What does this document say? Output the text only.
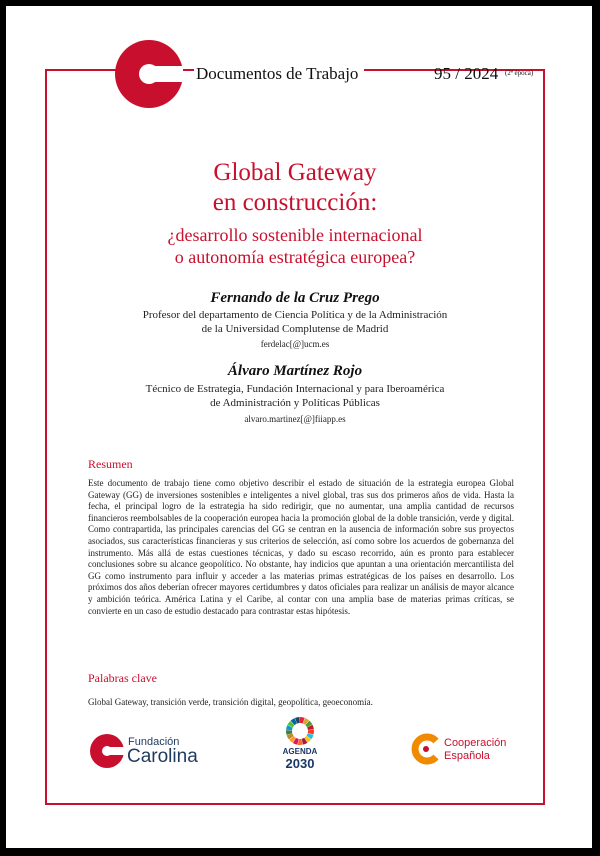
Documentos de Trabajo	95 / 2024 (2ª época)
Global Gateway
en construcción:
¿desarrollo sostenible internacional
o autonomía estratégica europea?
Fernando de la Cruz Prego
Profesor del departamento de Ciencia Política y de la Administración
de la Universidad Complutense de Madrid
ferdelac[@]ucm.es
Álvaro Martínez Rojo
Técnico de Estrategia, Fundación Internacional y para Iberoamérica
de Administración y Políticas Públicas
alvaro.martinez[@]fiiapp.es
Resumen
Este documento de trabajo tiene como objetivo describir el estado de situación de la estrategia europea Global Gateway (GG) de inversiones sostenibles e inteligentes a nivel global, tras sus dos primeros años de vida. Hasta la fecha, el principal logro de la estrategia ha sido redirigir, que no aumentar, una amplia cantidad de recursos financieros reembolsables de la cooperación europea hacia la promoción global de la doble transición, verde y digital. Como contrapartida, las principales carencias del GG se centran en la ausencia de información sobre sus proyectos asociados, sus características financieras y sus criterios de selección, así como sobre los acuerdos de gobernanza del instrumento. Más allá de estas cuestiones técnicas, y dado su escaso recorrido, aún es pronto para establecer conclusiones sobre su alcance geopolítico. No obstante, hay indicios que apuntan a una orientación mercantilista del GG como instrumento para influir y acceder a las materias primas estratégicas de los países en desarrollo. Los próximos dos años deberían ofrecer mayores certidumbres y datos oficiales para realizar un análisis de mayor alcance y ambición teórica. América Latina y el Caribe, al contar con una amplia base de materias primas críticas, se convierte en un caso de estudio destacado para contrastar estas hipótesis.
Palabras clave
Global Gateway, transición verde, transición digital, geopolítica, geoeconomía.
Fundación
Carolina	AGENDA
2030
Cooperación
Española
